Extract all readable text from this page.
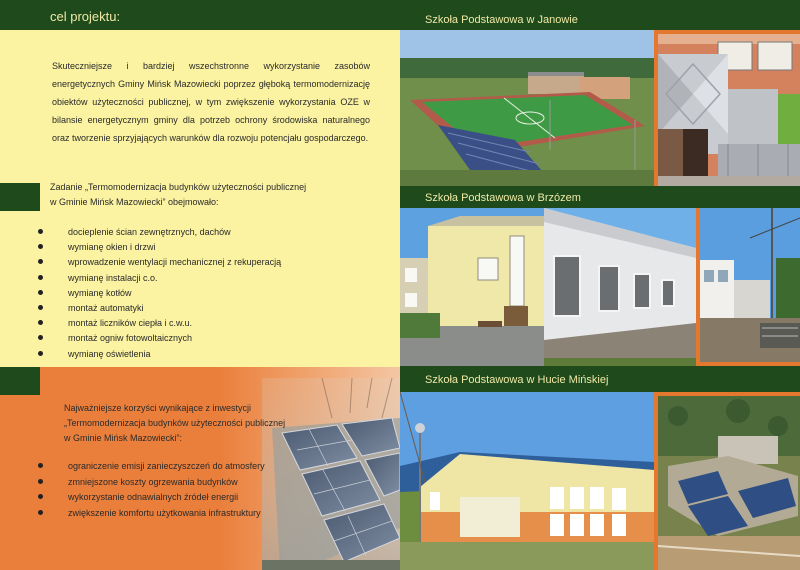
cel projektu:

Skuteczniejsze i bardziej wszechstronne wykorzystanie zasobów energetycznych Gminy Mińsk Mazowiecki poprzez głęboką termomodernizację obiektów użyteczności publicznej, w tym zwiększenie wykorzystania OZE w bilansie energetycznym gminy dla potrzeb ochrony środowiska naturalnego oraz tworzenie sprzyjających warunków dla rozwoju potencjału gospodarczego.

Zadanie „Termomodernizacja budynków użyteczności publicznej
w Gminie Mińsk Mazowiecki” obejmowało:
docieplenie ścian zewnętrznych, dachów
wymianę okien i drzwi
wprowadzenie wentylacji mechanicznej z rekuperacją
wymianę instalacji c.o.
wymianę kotłów
montaż automatyki
montaż liczników ciepła i c.w.u.
montaż ogniw fotowoltaicznych
wymianę oświetlenia
Najważniejsze korzyści wynikające z inwestycji
„Termomodernizacja budynków użyteczności publicznej
w Gminie Mińsk Mazowiecki”:
ograniczenie emisji zanieczyszczeń do atmosfery
zmniejszone koszty ogrzewania budynków
wykorzystanie odnawialnych źródeł energii
zwiększenie komfortu użytkowania infrastruktury
Szkoła Podstawowa w Janowie
Szkoła Podstawowa w Brzózem
Szkoła Podstawowa w Hucie Mińskiej
